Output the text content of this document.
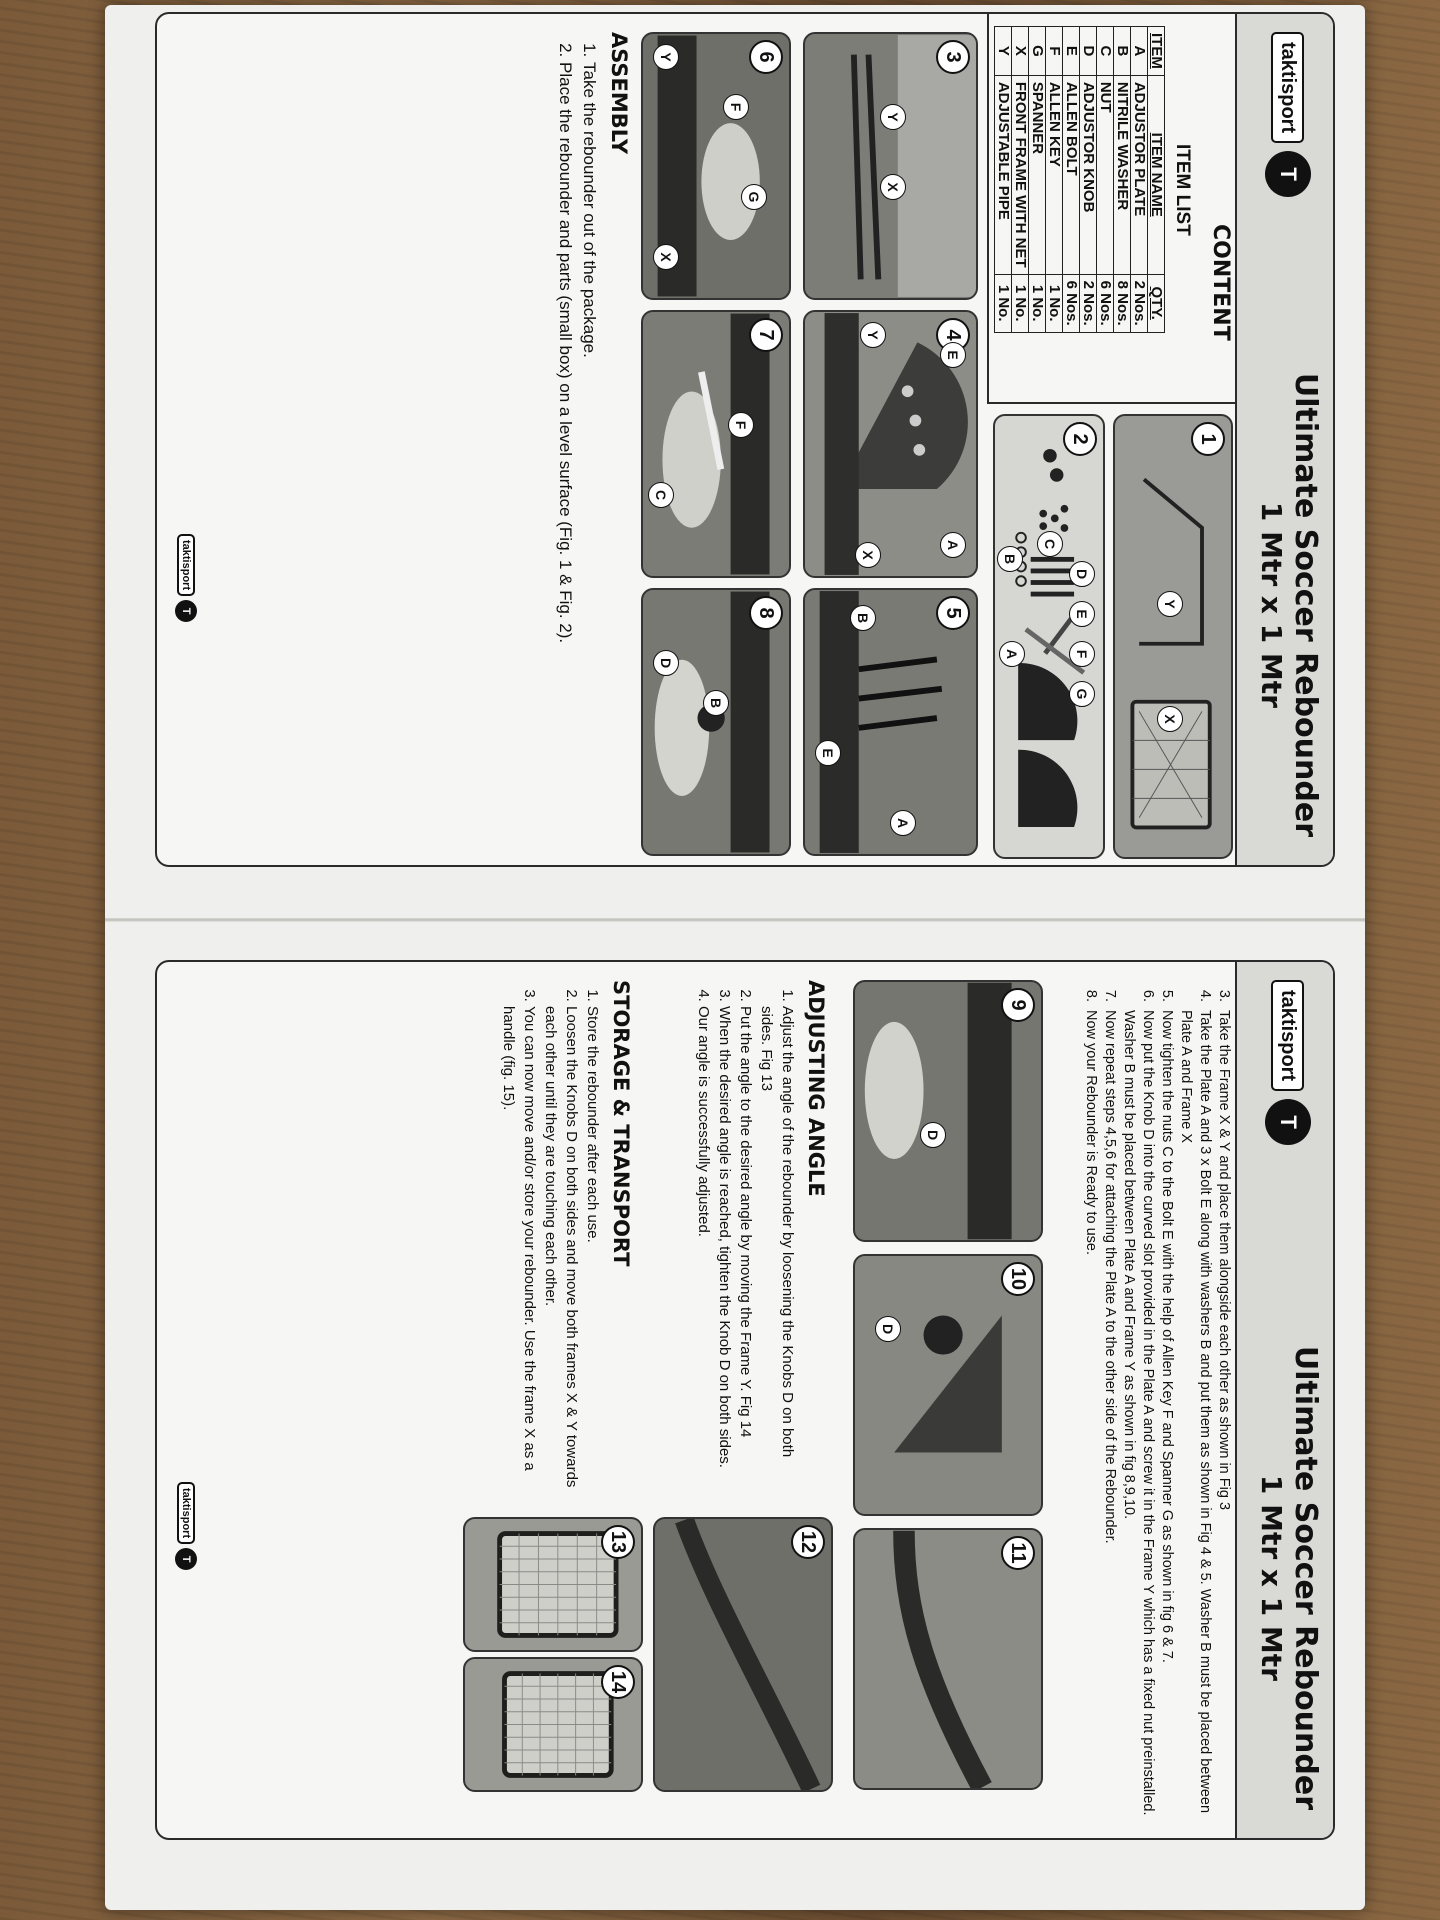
taktisport
T
Ultimate Soccer Rebounder
1 Mtr x 1 Mtr
CONTENT
ITEM LIST
ITEM	ITEM NAME	QTY.
A	ADJUSTOR PLATE	2 Nos.
B	NITRILE WASHER	8 Nos.
C	NUT	6 Nos.
D	ADJUSTOR KNOB	2 Nos.
E	ALLEN BOLT	6 Nos.
F	ALLEN KEY	1 No.
G	SPANNER	1 No.
X	FRONT FRAME WITH NET	1 No.
Y	ADJUSTABLE PIPE	1 No.
1
Y
X
2
C
B
A
D
E
F
G
3
Y
X
4
E
Y
A
X
5
B
E
A
6
F
G
Y
X
7
F
C
8
B
D
ASSEMBLY
1. Take the rebounder out of the package.
2. Place the rebounder and parts (small box) on a level surface (Fig. 1 & Fig. 2).
taktisport
T
taktisport
T
Ultimate Soccer Rebounder
1 Mtr x 1 Mtr
3. Take the Frame X & Y and place them alongside each other as shown in Fig 3
4. Take the Plate A and 3 x Bolt E along with washers B and put them as shown in Fig 4 & 5. Washer B must be placed between Plate A and Frame X
5. Now tighten the nuts C to the Bolt E with the help of Allen Key F and Spanner G as shown in fig 6 & 7.
6. Now put the Knob D into the curved slot provided in the Plate A and screw it in the Frame Y which has a fixed nut preinstalled. Washer B must be placed between Plate A and Frame Y as shown in fig 8,9,10.
7. Now repeat steps 4,5,6 for attaching the Plate A to the other side of the Rebounder.
8. Now your Rebounder is Ready to use.
9
D
10
D
11
ADJUSTING ANGLE
1. Adjust the angle of the rebounder by loosening the Knobs D on both sides. Fig 13
2. Put the angle to the desired angle by moving the Frame Y. Fig 14
3. When the desired angle is reached, tighten the Knob D on both sides.
4. Our angle is successfully adjusted.
STORAGE & TRANSPORT
1. Store the rebounder after each use.
2. Loosen the Knobs D on both sides and move both frames X & Y towards each other until they are touching each other.
3. You can now move and/or store your rebounder. Use the frame X as a handle (fig. 15).
taktisport
T
12
13
14
